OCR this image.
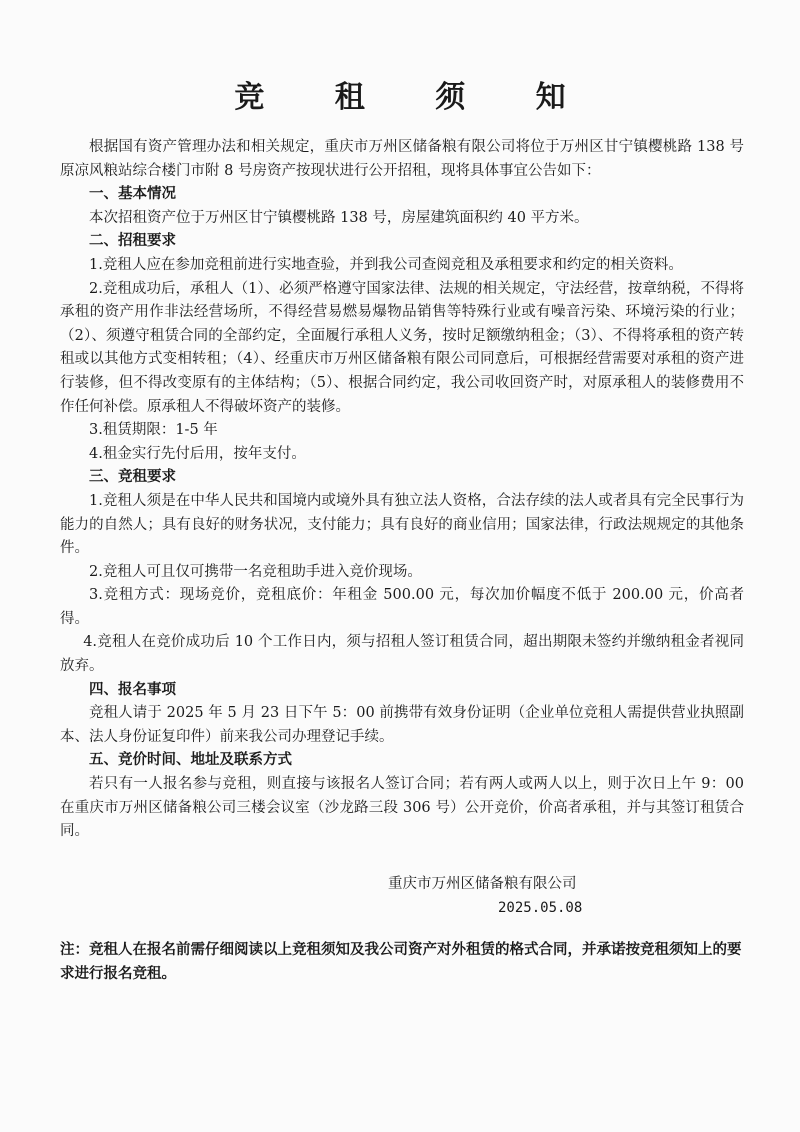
竞 租 须 知

根据国有资产管理办法和相关规定，重庆市万州区储备粮有限公司将位于万州区甘宁镇樱桃路 138 号原凉风粮站综合楼门市附 8 号房资产按现状进行公开招租，现将具体事宜公告如下：

一、基本情况

本次招租资产位于万州区甘宁镇樱桃路 138 号，房屋建筑面积约 40 平方米。

二、招租要求

1.竞租人应在参加竞租前进行实地查验，并到我公司查阅竞租及承租要求和约定的相关资料。

2.竞租成功后，承租人（1）、必须严格遵守国家法律、法规的相关规定，守法经营，按章纳税，不得将承租的资产用作非法经营场所，不得经营易燃易爆物品销售等特殊行业或有噪音污染、环境污染的行业；（2）、须遵守租赁合同的全部约定，全面履行承租人义务，按时足额缴纳租金；（3）、不得将承租的资产转租或以其他方式变相转租；（4）、经重庆市万州区储备粮有限公司同意后，可根据经营需要对承租的资产进行装修，但不得改变原有的主体结构；（5）、根据合同约定，我公司收回资产时，对原承租人的装修费用不作任何补偿。原承租人不得破坏资产的装修。

3.租赁期限：1-5 年

4.租金实行先付后用，按年支付。

三、竞租要求

1.竞租人须是在中华人民共和国境内或境外具有独立法人资格，合法存续的法人或者具有完全民事行为能力的自然人；具有良好的财务状况，支付能力；具有良好的商业信用；国家法律，行政法规规定的其他条件。

2.竞租人可且仅可携带一名竞租助手进入竞价现场。

3.竞租方式：现场竞价，竞租底价：年租金 500.00 元，每次加价幅度不低于 200.00 元，价高者得。

4.竞租人在竞价成功后 10 个工作日内，须与招租人签订租赁合同，超出期限未签约并缴纳租金者视同放弃。

四、报名事项

竞租人请于 2025 年 5 月 23 日下午 5：00 前携带有效身份证明（企业单位竞租人需提供营业执照副本、法人身份证复印件）前来我公司办理登记手续。

五、竞价时间、地址及联系方式

若只有一人报名参与竞租，则直接与该报名人签订合同；若有两人或两人以上，则于次日上午 9：00 在重庆市万州区储备粮公司三楼会议室（沙龙路三段 306 号）公开竞价，价高者承租，并与其签订租赁合同。

重庆市万州区储备粮有限公司
2025.05.08
注：竞租人在报名前需仔细阅读以上竞租须知及我公司资产对外租赁的格式合同，并承诺按竞租须知上的要求进行报名竞租。
